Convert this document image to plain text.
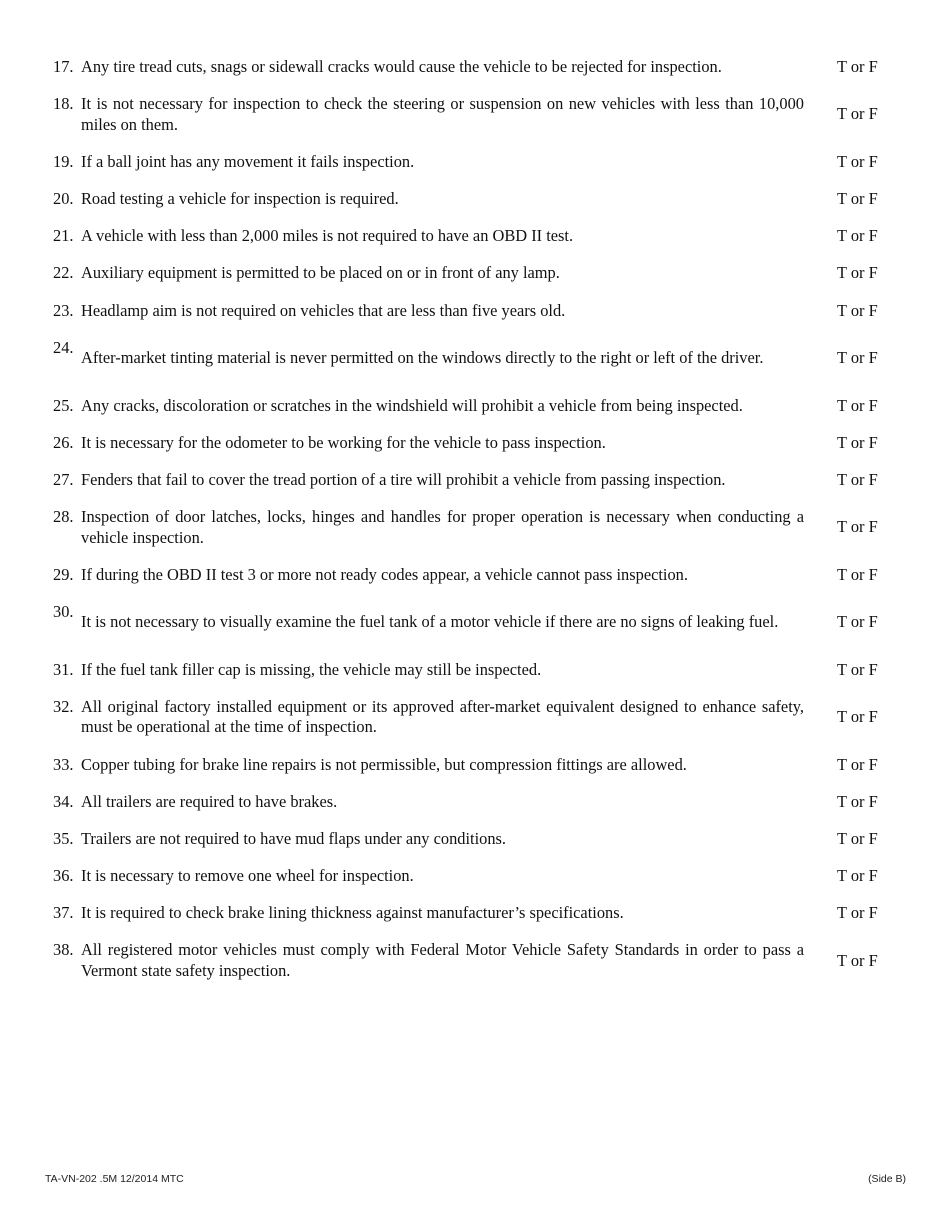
17. Any tire tread cuts, snags or sidewall cracks would cause the vehicle to be rejected for inspection.	T or F
18. It is not necessary for inspection to check the steering or suspension on new vehicles with less than 10,000 miles on them.
T or F
19. If a ball joint has any movement it fails inspection.	T or F
20. Road testing a vehicle for inspection is required.	T or F
21. A vehicle with less than 2,000 miles is not required to have an OBD II test.	T or F
22. Auxiliary equipment is permitted to be placed on or in front of any lamp.	T or F
23. Headlamp aim is not required on vehicles that are less than five years old.	T or F
24.
After-market tinting material is never permitted on the windows directly to the right or left of the driver.	T or F
25. Any cracks, discoloration or scratches in the windshield will prohibit a vehicle from being inspected.	T or F
26. It is necessary for the odometer to be working for the vehicle to pass inspection.	T or F
27. Fenders that fail to cover the tread portion of a tire will prohibit a vehicle from passing inspection.	T or F
28. Inspection of door latches, locks, hinges and handles for proper operation is necessary when conducting a vehicle inspection.
T or F
29. If during the OBD II test 3 or more not ready codes appear, a vehicle cannot pass inspection.	T or F
30.
It is not necessary to visually examine the fuel tank of a motor vehicle if there are no signs of leaking fuel.	T or F
31. If the fuel tank filler cap is missing, the vehicle may still be inspected.	T or F
32. All original factory installed equipment or its approved after-market equivalent designed to enhance safety, must be operational at the time of inspection.
T or F
33. Copper tubing for brake line repairs is not permissible, but compression fittings are allowed.	T or F
34. All trailers are required to have brakes.	T or F
35. Trailers are not required to have mud flaps under any conditions.	T or F
36. It is necessary to remove one wheel for inspection.	T or F
37. It is required to check brake lining thickness against manufacturer’s specifications.	T or F
38. All registered motor vehicles must comply with Federal Motor Vehicle Safety Standards in order to pass a Vermont state safety inspection.
T or F
TA-VN-202 .5M 12/2014 MTC	(Side B)
